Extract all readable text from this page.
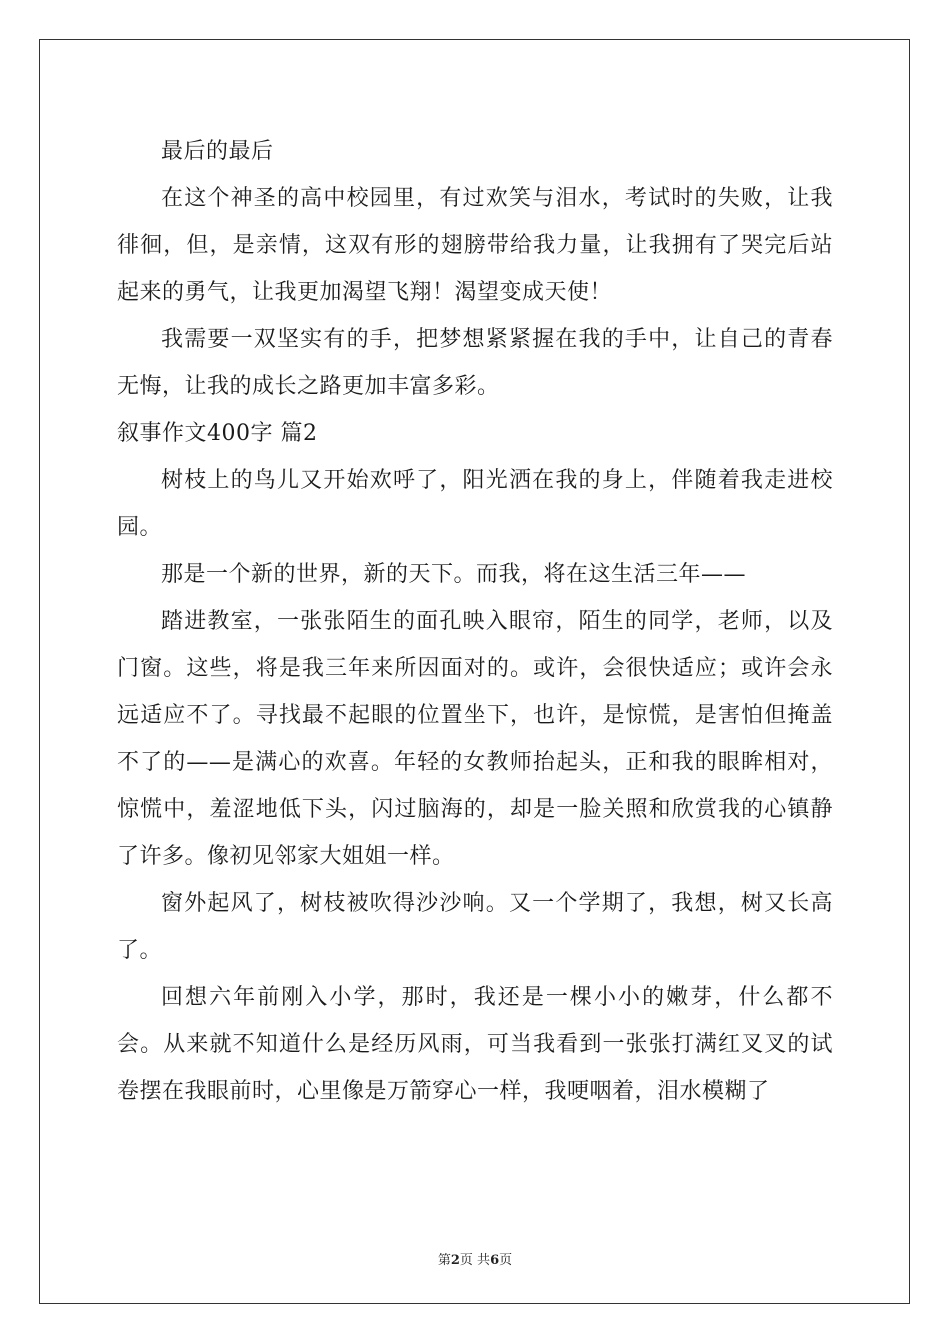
最后的最后

在这个神圣的高中校园里，有过欢笑与泪水，考试时的失败，让我徘徊，但，是亲情，这双有形的翅膀带给我力量，让我拥有了哭完后站起来的勇气，让我更加渴望飞翔！渴望变成天使！

我需要一双坚实有的手，把梦想紧紧握在我的手中，让自己的青春无悔，让我的成长之路更加丰富多彩。

叙事作文400字 篇2

树枝上的鸟儿又开始欢呼了，阳光洒在我的身上，伴随着我走进校园。

那是一个新的世界，新的天下。而我，将在这生活三年——

踏进教室，一张张陌生的面孔映入眼帘，陌生的同学，老师，以及门窗。这些，将是我三年来所因面对的。或许，会很快适应；或许会永远适应不了。寻找最不起眼的位置坐下，也许，是惊慌，是害怕但掩盖不了的——是满心的欢喜。年轻的女教师抬起头，正和我的眼眸相对，惊慌中，羞涩地低下头，闪过脑海的，却是一脸关照和欣赏我的心镇静了许多。像初见邻家大姐姐一样。

窗外起风了，树枝被吹得沙沙响。又一个学期了，我想，树又长高了。

回想六年前刚入小学，那时，我还是一棵小小的嫩芽，什么都不会。从来就不知道什么是经历风雨，可当我看到一张张打满红叉叉的试卷摆在我眼前时，心里像是万箭穿心一样，我哽咽着，泪水模糊了

第2页 共6页
